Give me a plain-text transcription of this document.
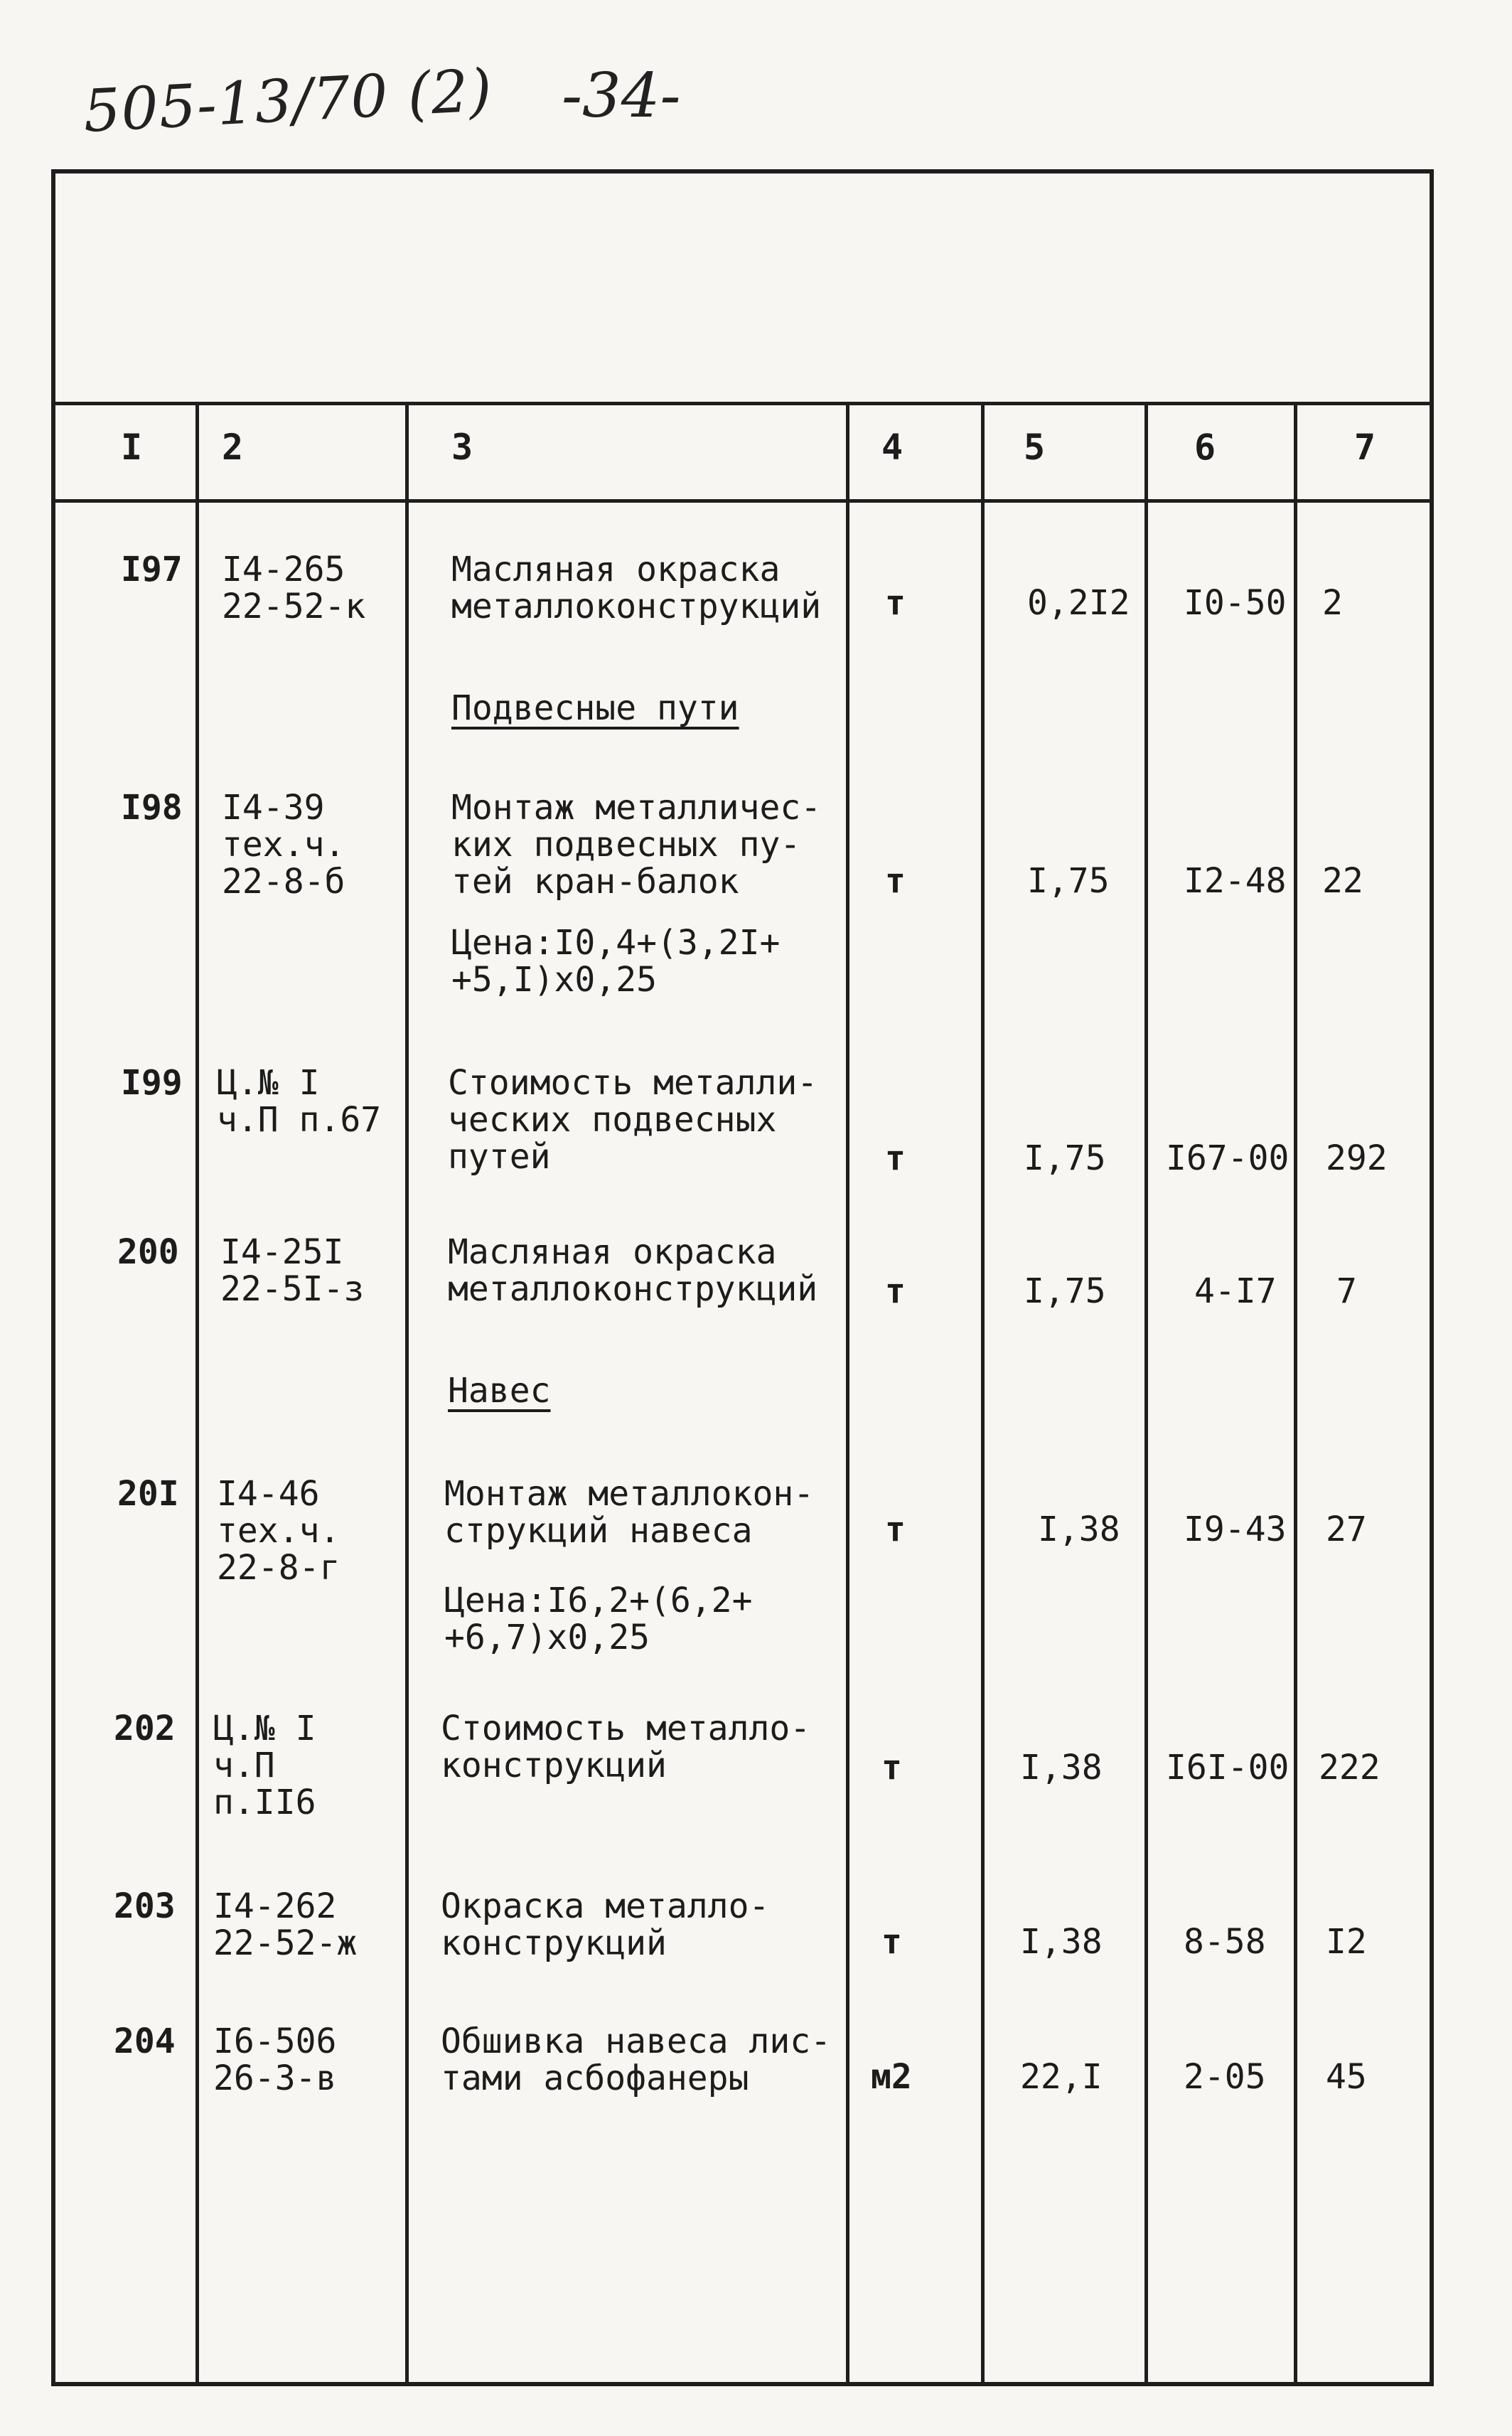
505-13/70 (2) -34-
I 2	3	4	5	6	7
I97 I4-265
22-52-к
Масляная окраска
металлоконструкций т	0,2I2 I0-50 2
Подвесные пути
I98 I4-39
тех.ч.
22-8-б
Монтаж металличес-
ких подвесных пу-
тей кран-балок
Цена:I0,4+(3,2I+
+5,I)x0,25
т	I,75 I2-48 22
I99 Ц.№ I
ч.П п.67
Стоимость металли-
ческих подвесных
путей	т	I,75 I67-00 292
200 I4-25I
22-5I-з
Масляная окраска
металлоконструкций т	I,75	4-I7 7
Навес
20I I4-46
тех.ч.
22-8-г
Монтаж металлокон-
струкций навеса
Цена:I6,2+(6,2+
+6,7)x0,25
т	I,38 I9-43 27
202 Ц.№ I
ч.П
п.II6
Стоимость металло-
конструкций	т	I,38 I6I-00 222
203 I4-262
22-52-ж
Окраска металло-
конструкций	т	I,38 8-58 I2
204 I6-506
26-3-в
Обшивка навеса лис-
тами асбофанеры	м2	22,I 2-05 45
